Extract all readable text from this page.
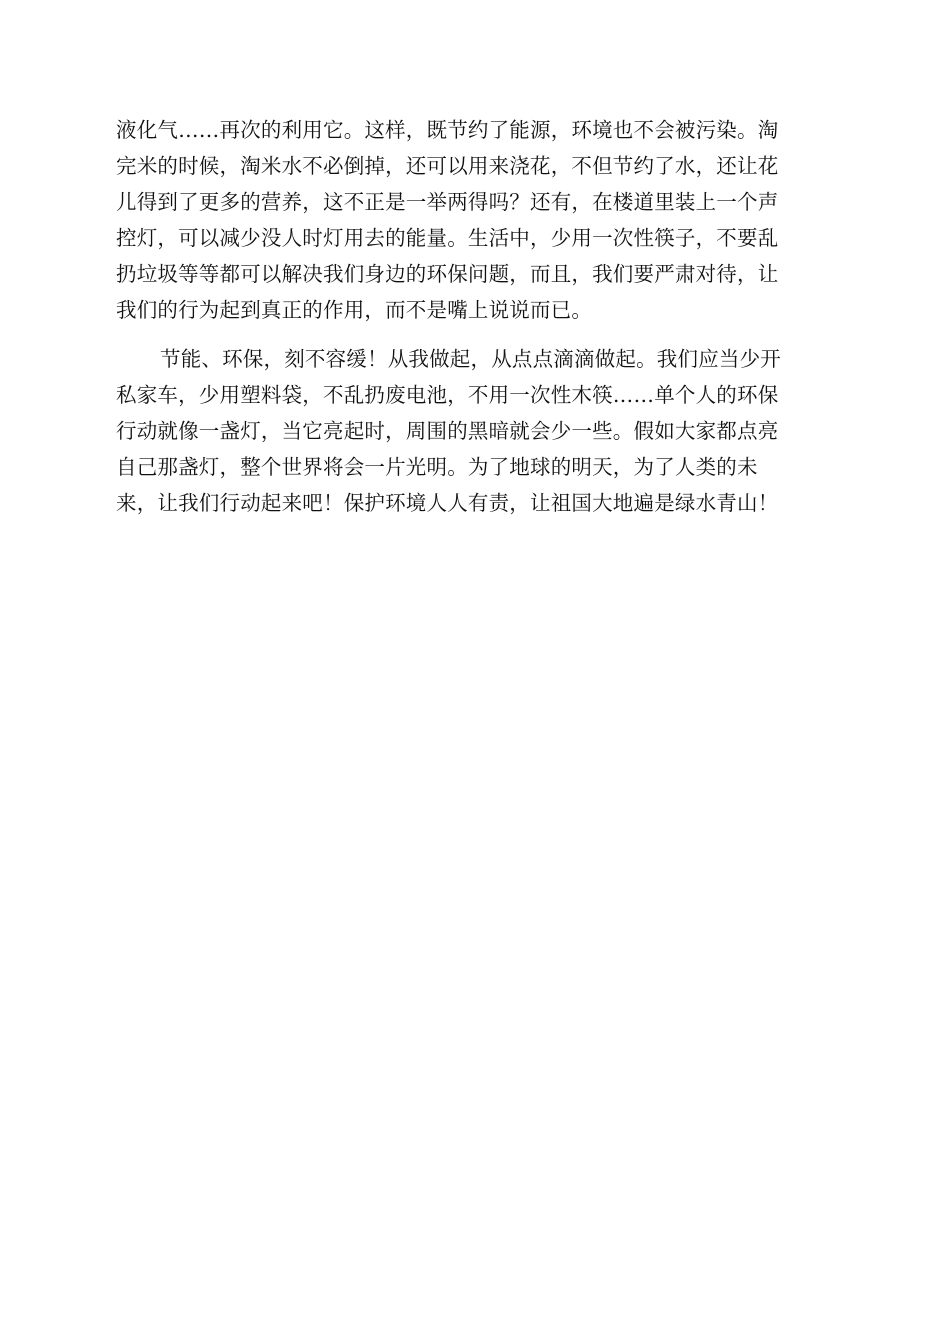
液化气……再次的利用它。这样，既节约了能源，环境也不会被污染。淘
完米的时候，淘米水不必倒掉，还可以用来浇花，不但节约了水，还让花
儿得到了更多的营养，这不正是一举两得吗？还有，在楼道里装上一个声
控灯，可以减少没人时灯用去的能量。生活中，少用一次性筷子，不要乱
扔垃圾等等都可以解决我们身边的环保问题，而且，我们要严肃对待，让
我们的行为起到真正的作用，而不是嘴上说说而已。
节能、环保，刻不容缓！从我做起，从点点滴滴做起。我们应当少开
私家车，少用塑料袋，不乱扔废电池，不用一次性木筷……单个人的环保
行动就像一盏灯，当它亮起时，周围的黑暗就会少一些。假如大家都点亮
自己那盏灯，整个世界将会一片光明。为了地球的明天，为了人类的未
来，让我们行动起来吧！保护环境人人有责，让祖国大地遍是绿水青山！
